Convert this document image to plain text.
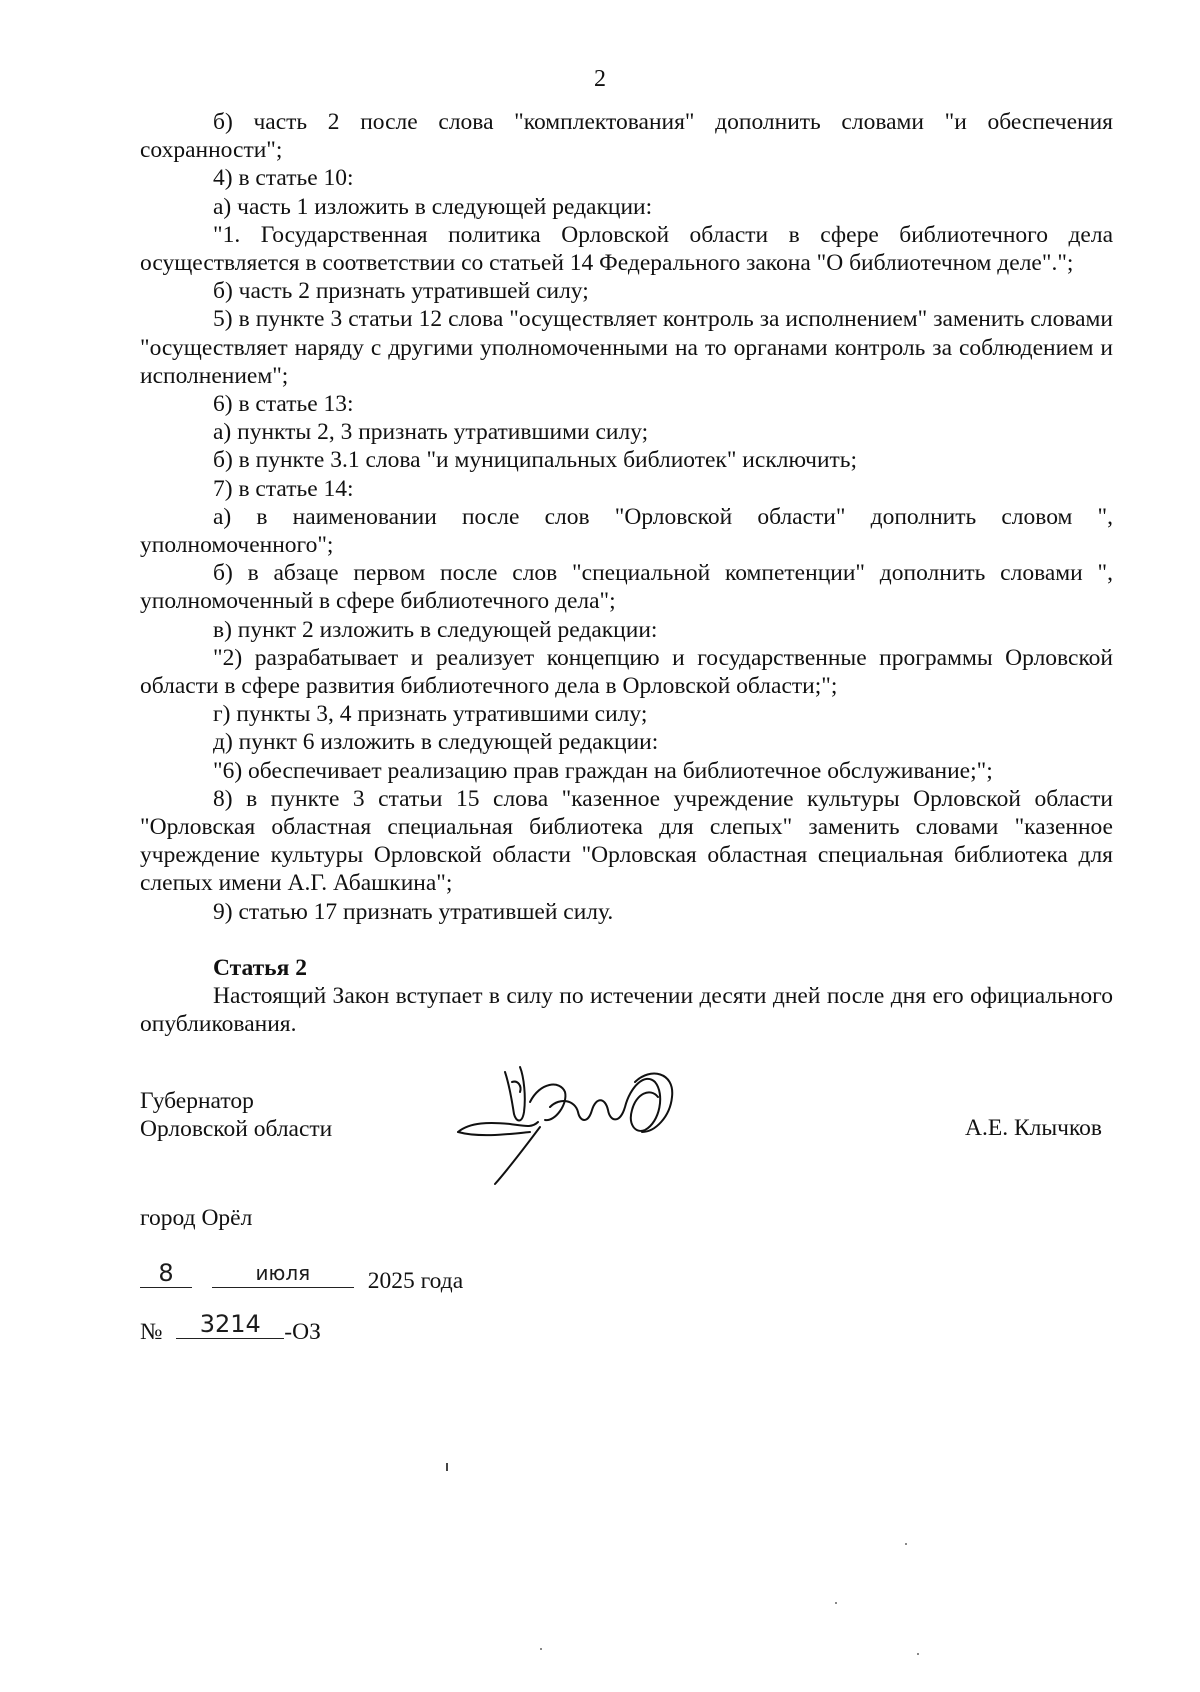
2

б) часть 2 после слова "комплектования" дополнить словами "и обеспечения сохранности";

4) в статье 10:

а) часть 1 изложить в следующей редакции:

"1. Государственная политика Орловской области в сфере библиотечного дела осуществляется в соответствии со статьей 14 Федерального закона "О библиотечном деле".";

б) часть 2 признать утратившей силу;

5) в пункте 3 статьи 12 слова "осуществляет контроль за исполнением" заменить словами "осуществляет наряду с другими уполномоченными на то органами контроль за соблюдением и исполнением";

6) в статье 13:

а) пункты 2, 3 признать утратившими силу;

б) в пункте 3.1 слова "и муниципальных библиотек" исключить;

7) в статье 14:

а) в наименовании после слов "Орловской области" дополнить словом ", уполномоченного";

б) в абзаце первом после слов "специальной компетенции" дополнить словами ", уполномоченный в сфере библиотечного дела";

в) пункт 2 изложить в следующей редакции:

"2) разрабатывает и реализует концепцию и государственные программы Орловской области в сфере развития библиотечного дела в Орловской области;";

г) пункты 3, 4 признать утратившими силу;

д) пункт 6 изложить в следующей редакции:

"6) обеспечивает реализацию прав граждан на библиотечное обслуживание;";

8) в пункте 3 статьи 15 слова "казенное учреждение культуры Орловской области "Орловская областная специальная библиотека для слепых" заменить словами "казенное учреждение культуры Орловской области "Орловская областная специальная библиотека для слепых имени А.Г. Абашкина";

9) статью 17 признать утратившей силу.

Статья 2

Настоящий Закон вступает в силу по истечении десяти дней после дня его официального опубликования.

Губернатор
Орловской области	А.Е. Клычков
город Орёл
8
	июля	2025 года
№	3214 -ОЗ
